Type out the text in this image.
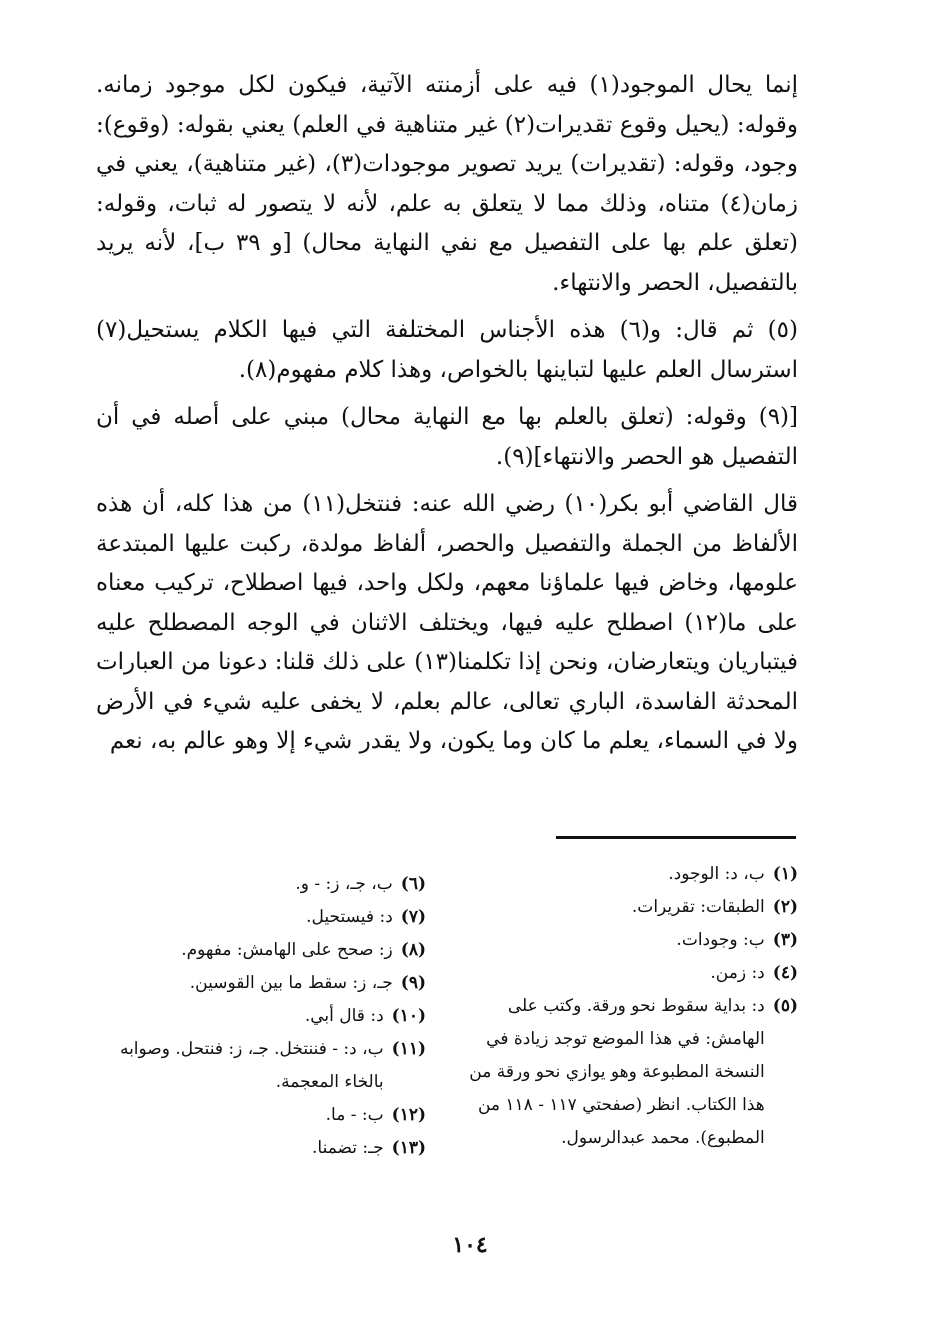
إنما يحال الموجود(١) فيه على أزمنته الآتية، فيكون لكل موجود زمانه. وقوله: (يحيل وقوع تقديرات(٢) غير متناهية في العلم) يعني بقوله: (وقوع): وجود، وقوله: (تقديرات) يريد تصوير موجودات(٣)، (غير متناهية)، يعني في زمان(٤) متناه، وذلك مما لا يتعلق به علم، لأنه لا يتصور له ثبات، وقوله: (تعلق علم بها على التفصيل مع نفي النهاية محال) [و ٣٩ ب]، لأنه يريد بالتفصيل، الحصر والانتهاء.

(٥) ثم قال: و(٦) هذه الأجناس المختلفة التي فيها الكلام يستحيل(٧) استرسال العلم عليها لتباينها بالخواص، وهذا كلام مفهوم(٨).

[(٩) وقوله: (تعلق بالعلم بها مع النهاية محال) مبني على أصله في أن التفصيل هو الحصر والانتهاء](٩).

قال القاضي أبو بكر(١٠) رضي الله عنه: فنتخل(١١) من هذا كله، أن هذه الألفاظ من الجملة والتفصيل والحصر، ألفاظ مولدة، ركبت عليها المبتدعة علومها، وخاض فيها علماؤنا معهم، ولكل واحد، فيها اصطلاح، تركيب معناه على ما(١٢) اصطلح عليه فيها، ويختلف الاثنان في الوجه المصطلح عليه فيتباريان ويتعارضان، ونحن إذا تكلمنا(١٣) على ذلك قلنا: دعونا من العبارات المحدثة الفاسدة، الباري تعالى، عالم بعلم، لا يخفى عليه شيء في الأرض ولا في السماء، يعلم ما كان وما يكون، ولا يقدر شيء إلا وهو عالم به، نعم

(١)
ب، د: الوجود.
(٢)
الطبقات: تقريرات.
(٣)
ب: وجودات.
(٤)
د: زمن.
(٥)
د: بداية سقوط نحو ورقة. وكتب على الهامش: في هذا الموضع توجد زيادة في النسخة المطبوعة وهو يوازي نحو ورقة من هذا الكتاب. انظر (صفحتي ١١٧ - ١١٨ من المطبوع). محمد عبدالرسول.
(٦)
ب، جـ، ز: - و.
(٧)
د: فيستحيل.
(٨)
ز: صحح على الهامش: مفهوم.
(٩)
جـ، ز: سقط ما بين القوسين.
(١٠)
د: قال أبي.
(١١)
ب، د: - فننتخل. جـ، ز: فنتحل. وصوابه بالخاء المعجمة.
(١٢)
ب: - ما.
(١٣)
جـ: تضمنا.
١٠٤
